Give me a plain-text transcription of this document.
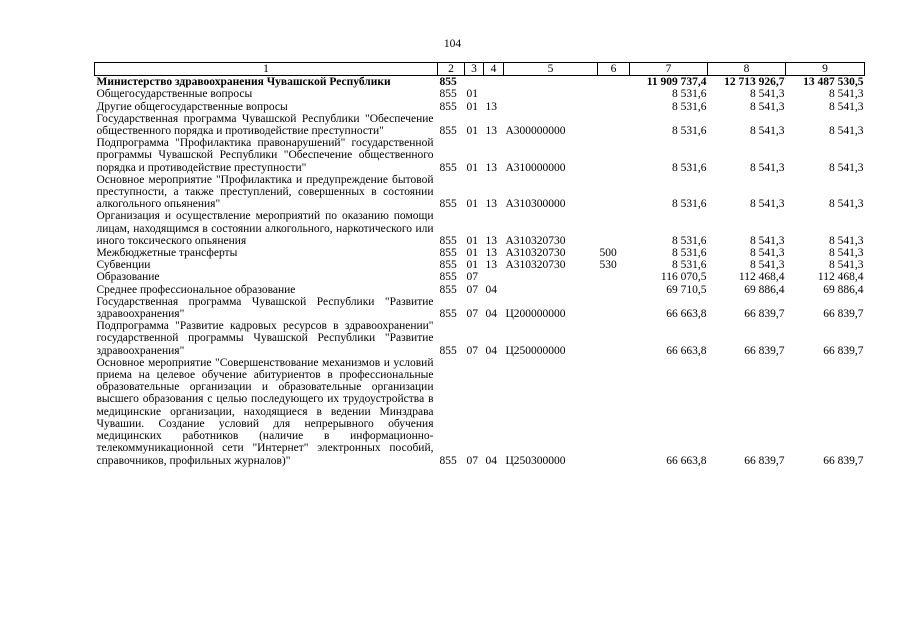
104
1	2	3	4	5	6	7	8	9
Министерство здравоохранения Чувашской Республики	855					11 909 737,4	12 713 926,7	13 487 530,5
Общегосударственные вопросы	855	01				8 531,6	8 541,3	8 541,3
Другие общегосударственные вопросы	855	01	13			8 531,6	8 541,3	8 541,3
Государственная программа Чувашской Республики "Обеспечение общественного порядка и противодействие преступности"	855	01	13	А300000000		8 531,6	8 541,3	8 541,3
Подпрограмма "Профилактика правонарушений" государственной программы Чувашской Республики "Обеспечение общественного порядка и противодействие преступности"	855	01	13	А310000000		8 531,6	8 541,3	8 541,3
Основное мероприятие "Профилактика и предупреждение бытовой преступности, а также преступлений, совершенных в состоянии алкогольного опьянения"	855	01	13	А310300000		8 531,6	8 541,3	8 541,3
Организация и осуществление мероприятий по оказанию помощи лицам, находящимся в состоянии алкогольного, наркотического или иного токсического опьянения	855	01	13	А310320730		8 531,6	8 541,3	8 541,3
Межбюджетные трансферты	855	01	13	А310320730	500	8 531,6	8 541,3	8 541,3
Субвенции	855	01	13	А310320730	530	8 531,6	8 541,3	8 541,3
Образование	855	07				116 070,5	112 468,4	112 468,4
Среднее профессиональное образование	855	07	04			69 710,5	69 886,4	69 886,4
Государственная программа Чувашской Республики "Развитие здравоохранения"	855	07	04	Ц200000000		66 663,8	66 839,7	66 839,7
Подпрограмма "Развитие кадровых ресурсов в здравоохранении" государственной программы Чувашской Республики "Развитие здравоохранения"	855	07	04	Ц250000000		66 663,8	66 839,7	66 839,7
Основное мероприятие "Совершенствование механизмов и условий приема на целевое обучение абитуриентов в профессиональные образовательные организации и образовательные организации высшего образования с целью последующего их трудоустройства в медицинские организации, находящиеся в ведении Минздрава Чувашии. Создание условий для непрерывного обучения медицинских работников (наличие в информационно-телекоммуникационной сети "Интернет" электронных пособий, справочников, профильных журналов)"	855	07	04	Ц250300000		66 663,8	66 839,7	66 839,7
